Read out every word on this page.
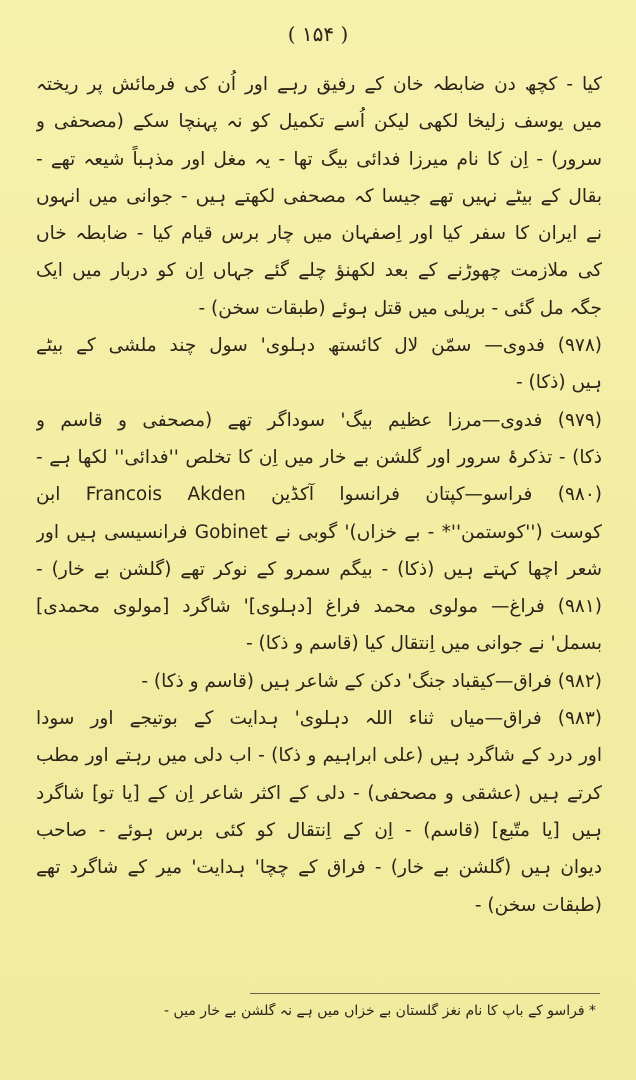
( ۱۵۴ )
کیا - کچھ دن ضابطہ خان کے رفیق رہے اور اُن کی فرمائش پر ریختہ
میں یوسف زلیخا لکھی لیکن اُسے تکمیل کو نہ پہنچا سکے (مصحفی و
سرور) - اِن کا نام میرزا فدائی بیگ تھا - یہ مغل اور مذہباً شیعہ تھے -
بقال کے بیٹے نہیں تھے جیسا کہ مصحفی لکھتے ہیں - جوانی میں انہوں
نے ایران کا سفر کیا اور اِصفہان میں چار برس قیام کیا - ضابطہ خاں
کی ملازمت چھوڑنے کے بعد لکھنؤ چلے گئے جہاں اِن کو دربار میں ایک
جگہ مل گئی - بریلی میں قتل ہوئے (طبقات سخن) -
(۹۷۸) فدوی— سمّن لال کائستھ دہلوی' سول چند ملشی کے بیٹے
ہیں (ذکا) -
(۹۷۹) فدوی—مرزا عظیم بیگ' سوداگر تھے (مصحفی و قاسم و
ذکا) - تذکرۂ سرور اور گلشن بے خار میں اِن کا تخلص ''فدائی'' لکھا ہے -
(۹۸۰) فراسو—کپتان فرانسوا آکڈین Francois Akden ابن
کوست (''کوستمن''* - بے خزاں)' گوبی نے Gobinet فرانسیسی ہیں اور
شعر اچھا کہتے ہیں (ذکا) - بیگم سمرو کے نوکر تھے (گلشن بے خار) -
(۹۸۱) فراغ— مولوی محمد فراغ [دہلوی]' شاگرد [مولوی محمدی]
بسمل' نے جوانی میں اِنتقال کیا (قاسم و ذکا) -
(۹۸۲) فراق—کیقباد جنگ' دکن کے شاعر ہیں (قاسم و ذکا) -
(۹۸۳) فراق—میاں ثناء اللہ دہلوی' ہدایت کے بوتیجے اور سودا
اور درد کے شاگرد ہیں (علی ابراہیم و ذکا) - اب دلی میں رہتے اور مطب
کرتے ہیں (عشقی و مصحفی) - دلی کے اکثر شاعر اِن کے [یا تو] شاگرد
ہیں [یا متّبع] (قاسم) - اِن کے اِنتقال کو کئی برس ہوئے - صاحب
دیوان ہیں (گلشن بے خار) - فراق کے چچا' ہدایت' میر کے شاگرد تھے
(طبقات سخن) -
* فراسو کے باپ کا نام نغز گلستان بے خزاں میں ہے نہ گلشن بے خار میں -
